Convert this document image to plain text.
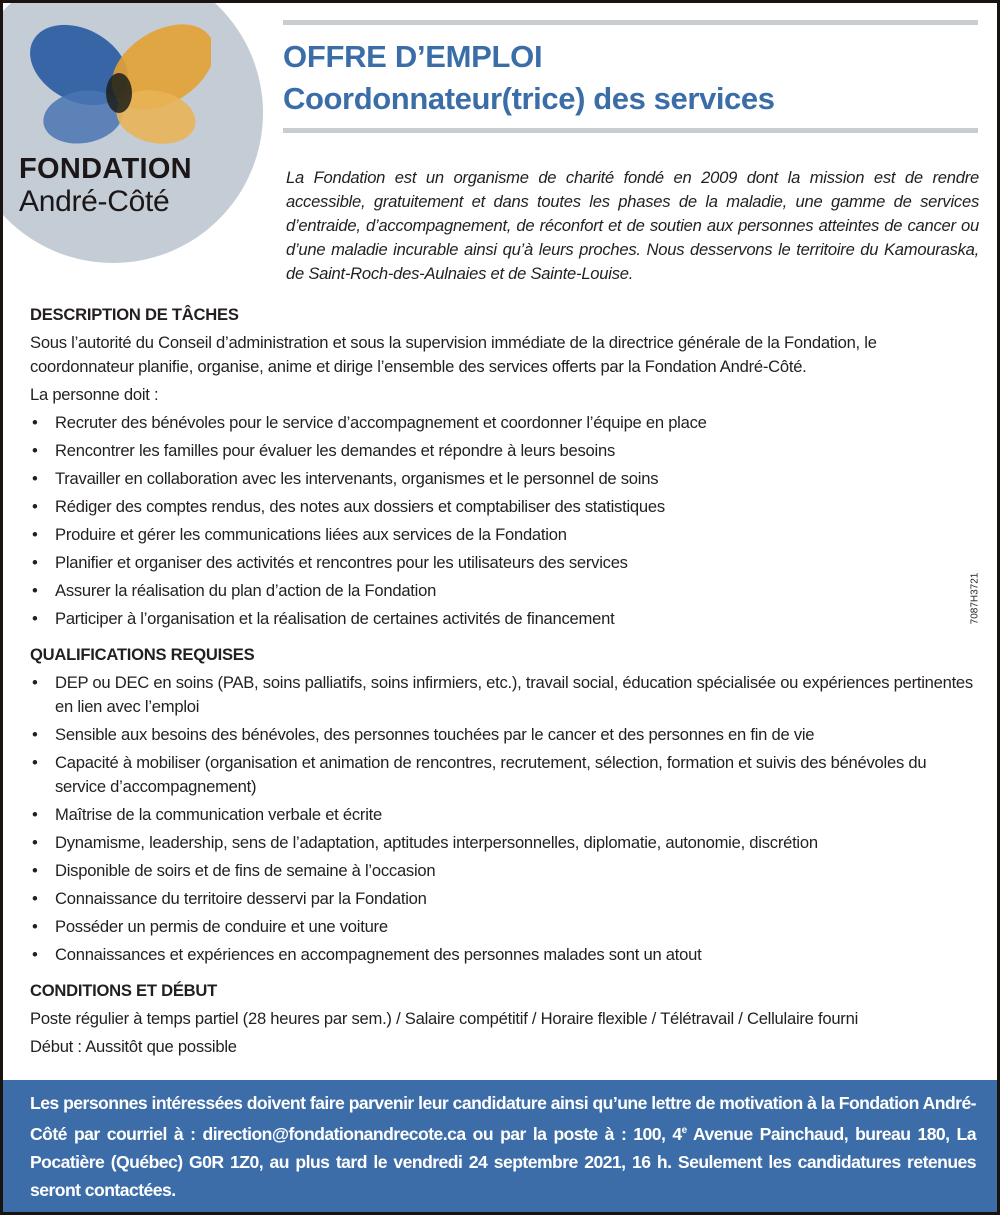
FONDATION
André-Côté
OFFRE D’EMPLOI
Coordonnateur(trice) des services

La Fondation est un organisme de charité fondé en 2009 dont la mission est de rendre accessible, gratuitement et dans toutes les phases de la maladie, une gamme de services d’entraide, d’accompagnement, de réconfort et de soutien aux personnes atteintes de cancer ou d’une maladie incurable ainsi qu’à leurs proches. Nous desservons le territoire du Kamouraska, de Saint-Roch-des-Aulnaies et de Sainte-Louise.

DESCRIPTION DE TÂCHES

Sous l’autorité du Conseil d’administration et sous la supervision immédiate de la directrice générale de la Fondation, le coordonnateur planifie, organise, anime et dirige l’ensemble des services offerts par la Fondation André-Côté.

La personne doit :

• Recruter des bénévoles pour le service d’accompagnement et coordonner l’équipe en place
• Rencontrer les familles pour évaluer les demandes et répondre à leurs besoins
• Travailler en collaboration avec les intervenants, organismes et le personnel de soins
• Rédiger des comptes rendus, des notes aux dossiers et comptabiliser des statistiques
• Produire et gérer les communications liées aux services de la Fondation
• Planifier et organiser des activités et rencontres pour les utilisateurs des services
• Assurer la réalisation du plan d’action de la Fondation
• Participer à l’organisation et la réalisation de certaines activités de financement
QUALIFICATIONS REQUISES
• DEP ou DEC en soins (PAB, soins palliatifs, soins infirmiers, etc.), travail social, éducation spécialisée ou expériences pertinentes en lien avec l’emploi
• Sensible aux besoins des bénévoles, des personnes touchées par le cancer et des personnes en fin de vie
• Capacité à mobiliser (organisation et animation de rencontres, recrutement, sélection, formation et suivis des bénévoles du service d’accompagnement)
• Maîtrise de la communication verbale et écrite
• Dynamisme, leadership, sens de l’adaptation, aptitudes interpersonnelles, diplomatie, autonomie, discrétion
• Disponible de soirs et de fins de semaine à l’occasion
• Connaissance du territoire desservi par la Fondation
• Posséder un permis de conduire et une voiture
• Connaissances et expériences en accompagnement des personnes malades sont un atout
CONDITIONS ET DÉBUT

Poste régulier à temps partiel (28 heures par sem.) / Salaire compétitif / Horaire flexible / Télétravail / Cellulaire fourni

Début : Aussitôt que possible

7087H3721

Les personnes intéressées doivent faire parvenir leur candidature ainsi qu’une lettre de motivation à la Fondation André-Côté par courriel à : direction@fondationandrecote.ca ou par la poste à : 100, 4e Avenue Painchaud, bureau 180, La Pocatière (Québec) G0R 1Z0, au plus tard le vendredi 24 septembre 2021, 16 h. Seulement les candidatures retenues seront contactées.
